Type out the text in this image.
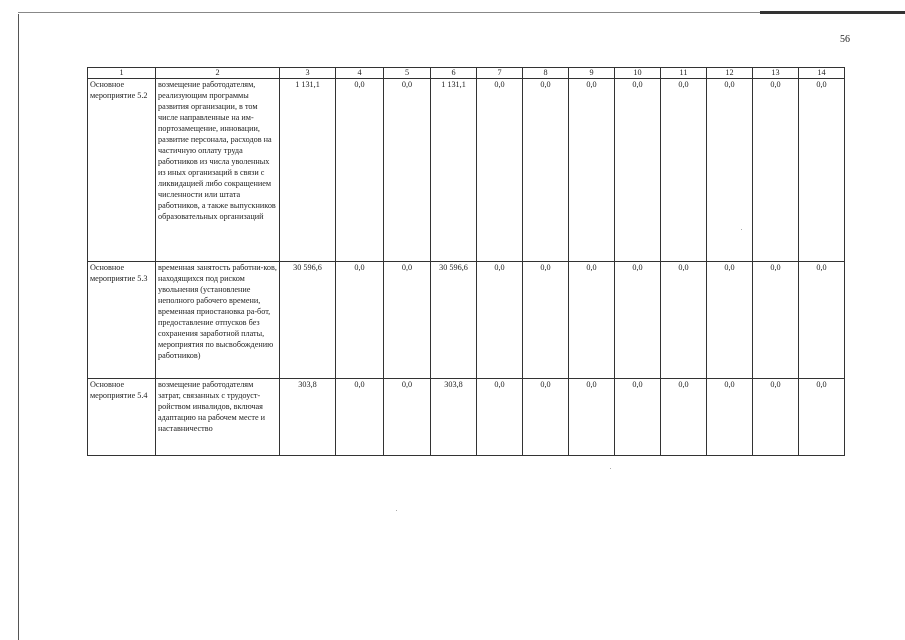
56
1	2	3	4	5	6	7	8	9	10	11	12	13	14
Основное мероприятие 5.2	возмещение работодателям, реализующим программы развития организации, в том числе направленные на им-портозамещение, инновации, развитие персонала, расходов на частичную оплату труда работников из числа уволенных из иных организаций в связи с ликвидацией либо сокращением численности или штата работников, а также выпускников образовательных организаций	1 131,1	0,0	0,0	1 131,1	0,0	0,0	0,0	0,0	0,0	0,0	0,0	0,0
Основное мероприятие 5.3	временная занятость работни-ков, находящихся под риском увольнения (установление неполного рабочего времени, временная приостановка ра-бот, предоставление отпусков без сохранения заработной платы, мероприятия по высвобождению работников)	30 596,6	0,0	0,0	30 596,6	0,0	0,0	0,0	0,0	0,0	0,0	0,0	0,0
Основное мероприятие 5.4	возмещение работодателям затрат, связанных с трудоуст-ройством инвалидов, включая адаптацию на рабочем месте и наставничество	303,8	0,0	0,0	303,8	0,0	0,0	0,0	0,0	0,0	0,0	0,0	0,0
